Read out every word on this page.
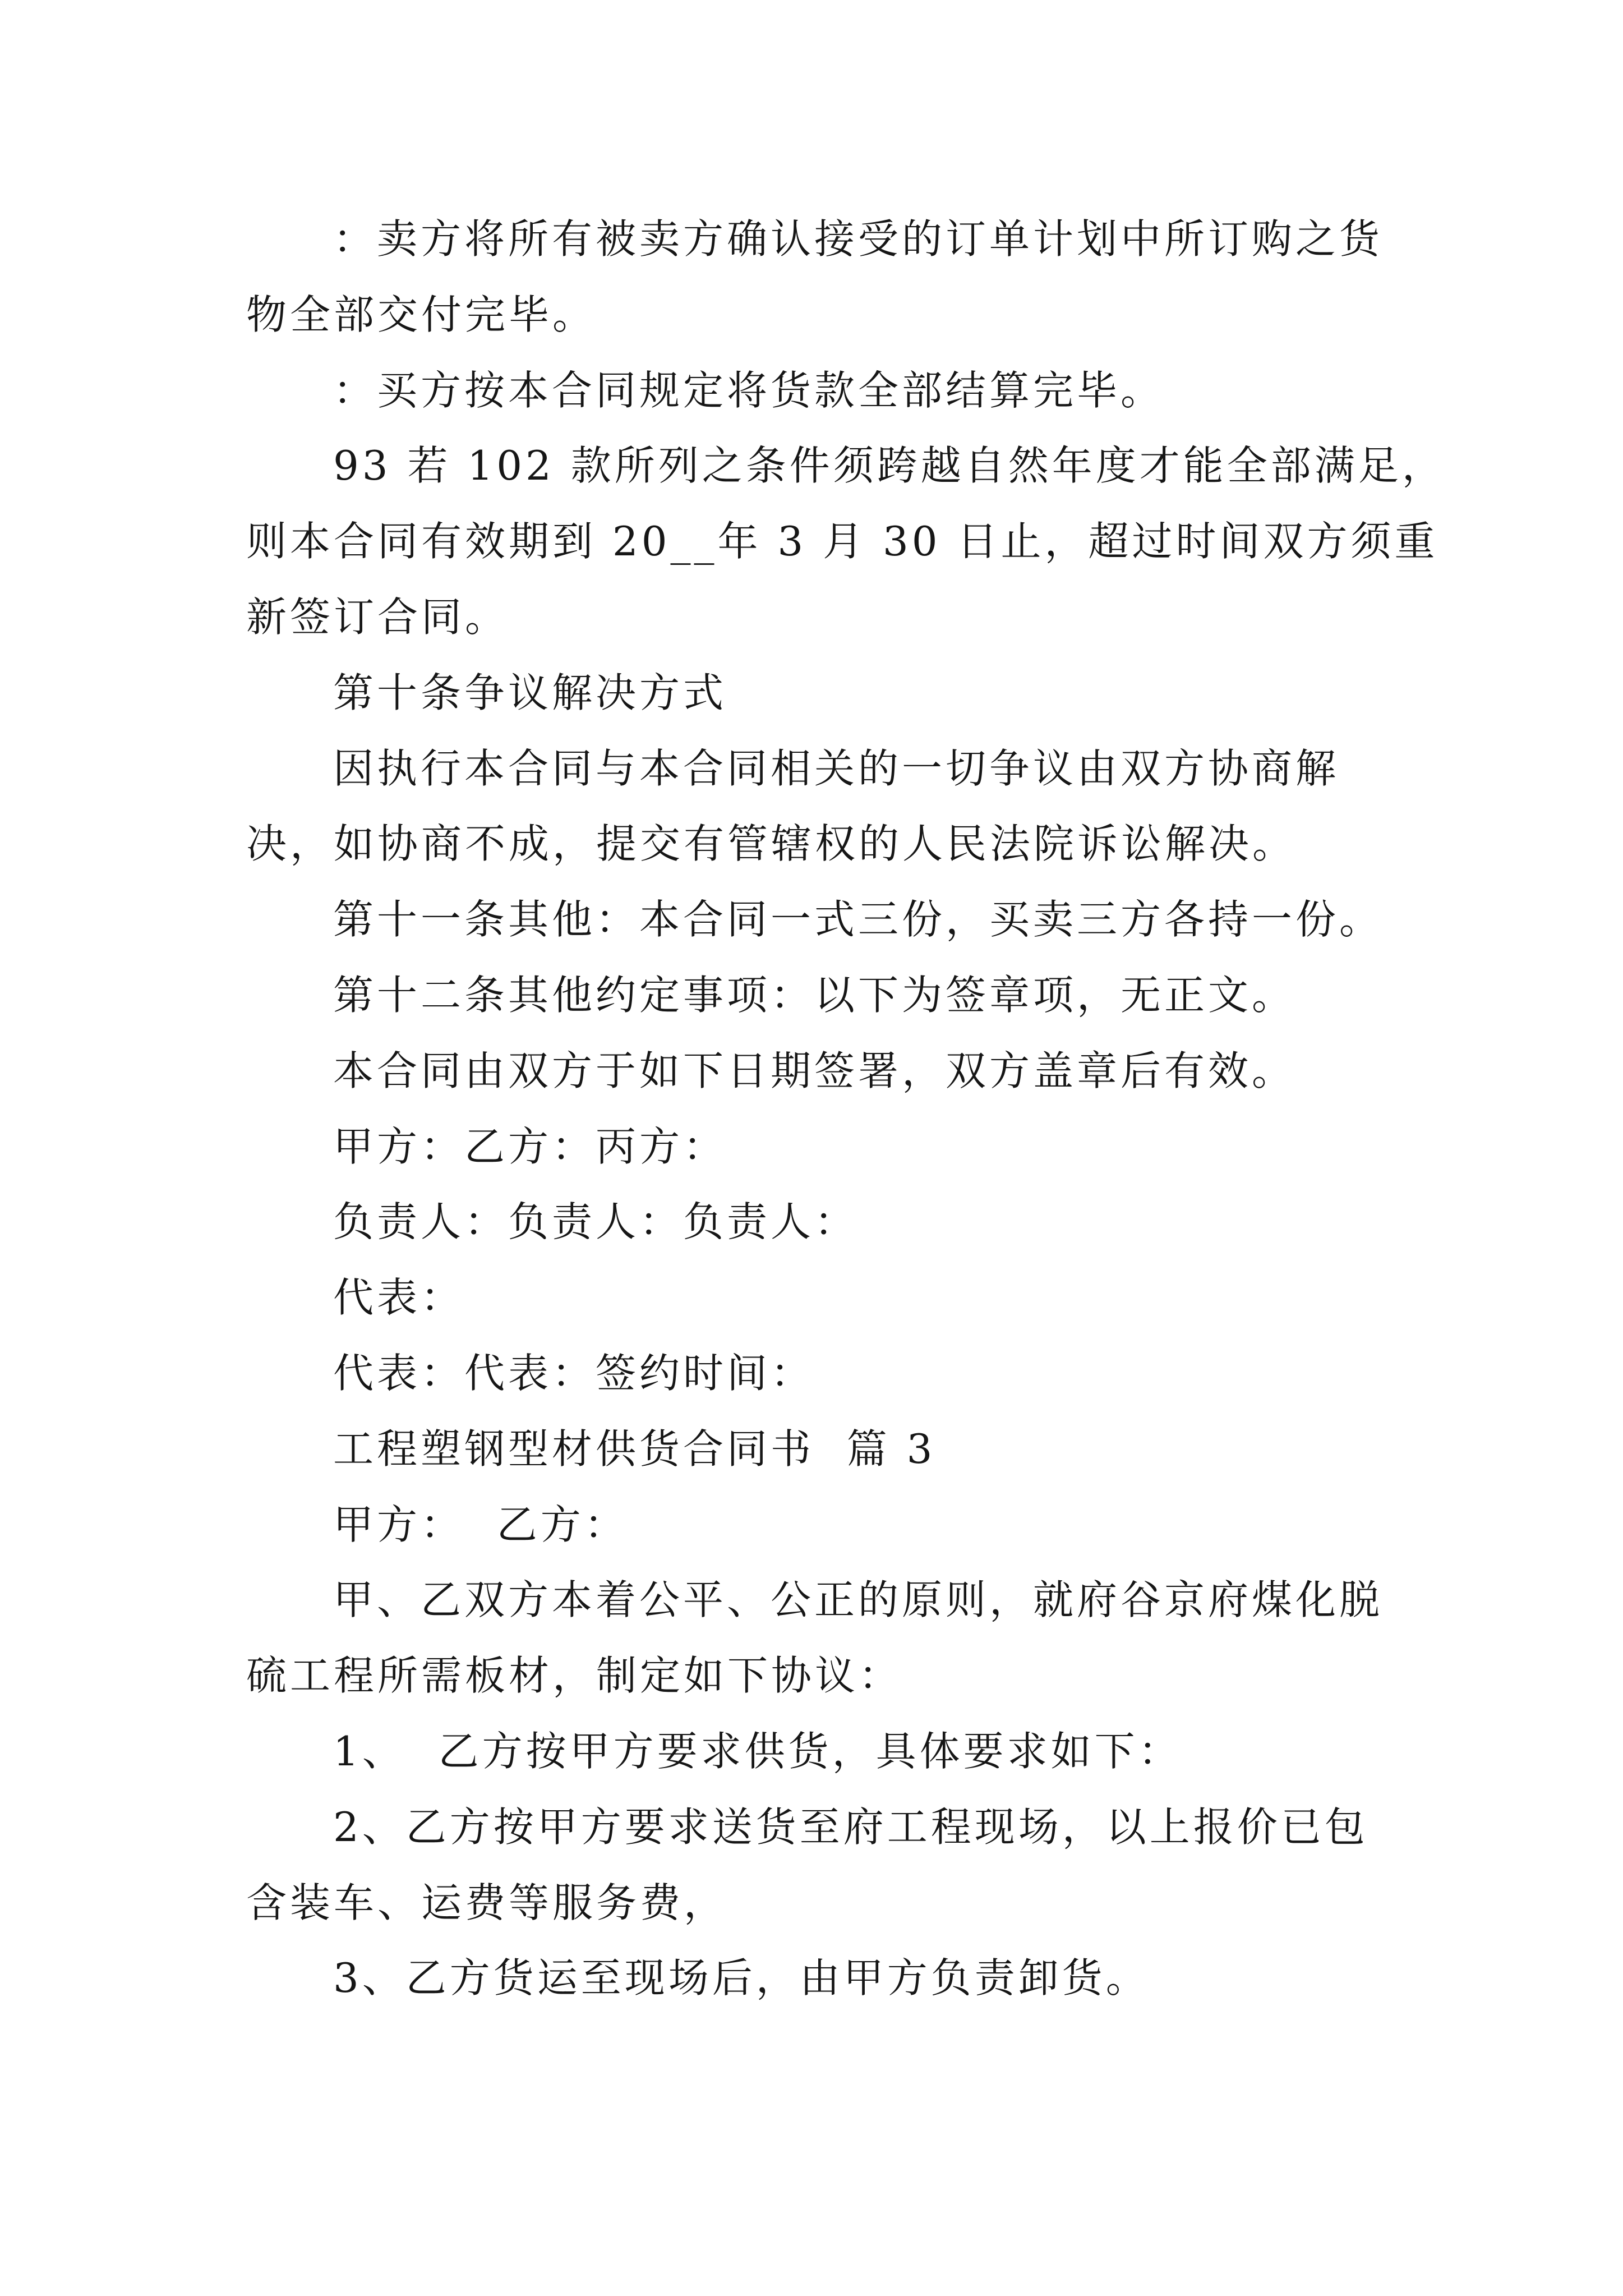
：卖方将所有被卖方确认接受的订单计划中所订购之货
物全部交付完毕。
：买方按本合同规定将货款全部结算完毕。
93 若 102 款所列之条件须跨越自然年度才能全部满足，
则本合同有效期到 20__年 3 月 30 日止，超过时间双方须重
新签订合同。
第十条争议解决方式
因执行本合同与本合同相关的一切争议由双方协商解
决，如协商不成，提交有管辖权的人民法院诉讼解决。
第十一条其他：本合同一式三份，买卖三方各持一份。
第十二条其他约定事项：以下为签章项，无正文。
本合同由双方于如下日期签署，双方盖章后有效。
甲方：乙方：丙方：
负责人：负责人：负责人：
代表：
代表：代表：签约时间：
工程塑钢型材供货合同书  篇 3
甲方：  乙方：
甲、乙双方本着公平、公正的原则，就府谷京府煤化脱
硫工程所需板材，制定如下协议：
1、  乙方按甲方要求供货，具体要求如下：
2、乙方按甲方要求送货至府工程现场，以上报价已包
含装车、运费等服务费，
3、乙方货运至现场后，由甲方负责卸货。
